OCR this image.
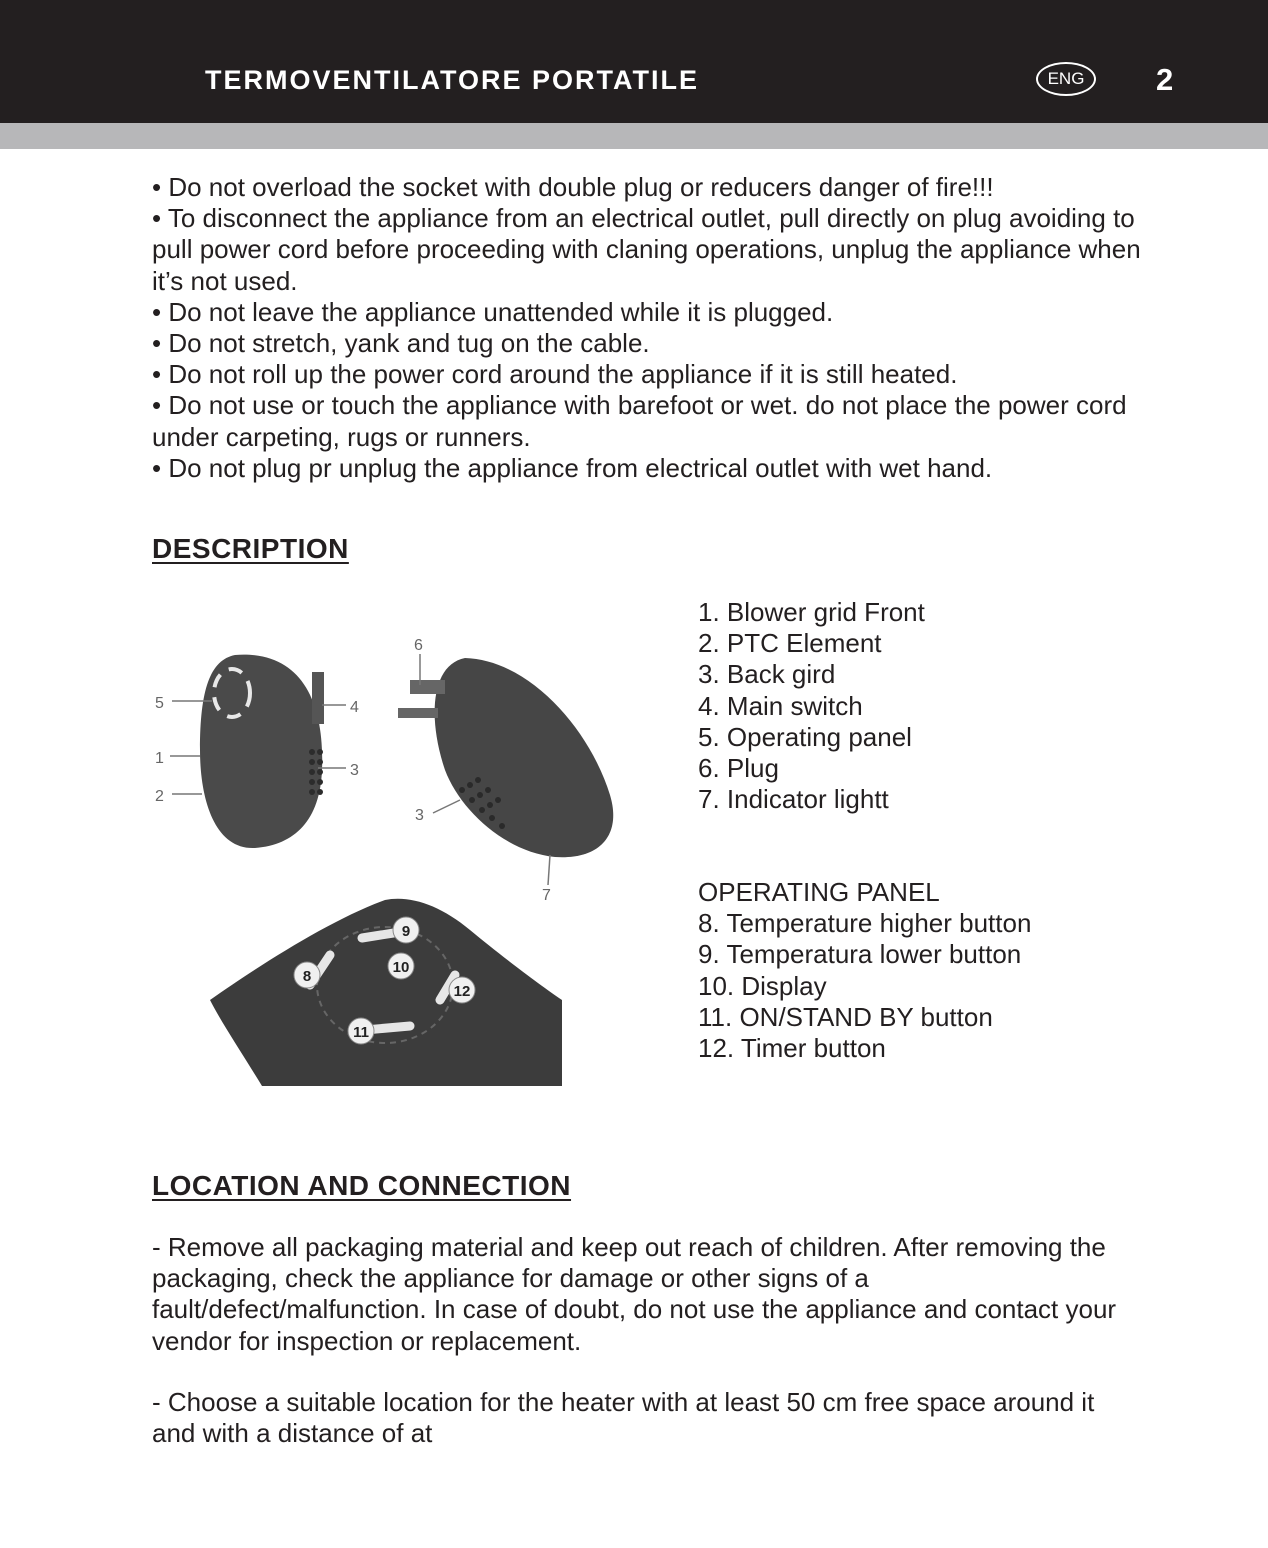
TERMOVENTILATORE PORTATILE	ENG	2

• Do not overload the socket with double plug or reducers danger of fire!!!

• To disconnect the appliance from an electrical outlet, pull directly on plug avoiding to pull power cord before proceeding with claning operations, unplug the appliance when it’s not used.

• Do not leave the appliance unattended while it is plugged.

• Do not stretch, yank and tug on the cable.

• Do not roll up the power cord around the appliance if it is still heated.

• Do not use or touch the appliance with barefoot or wet. do not place the power cord under carpeting, rugs or runners.

• Do not plug pr unplug the appliance from electrical outlet with wet hand.

DESCRIPTION
1. Blower grid Front
2. PTC Element
3. Back gird
4. Main switch
5. Operating panel
6. Plug
7. Indicator lightt
OPERATING PANEL
8. Temperature higher button
9. Temperatura lower button
10. Display
11. ON/STAND BY button
12. Timer button
5
1
2
4
3
6
3
7
8
9
10
11
12
LOCATION AND CONNECTION
- Remove all packaging material and keep out reach of children. After removing the packaging, check the appliance for damage or other signs of a fault/defect/malfunction. In case of doubt, do not use the appliance and contact your vendor for inspection or replacement.
- Choose a suitable location for the heater with at least 50 cm free space around it and with a distance of at
